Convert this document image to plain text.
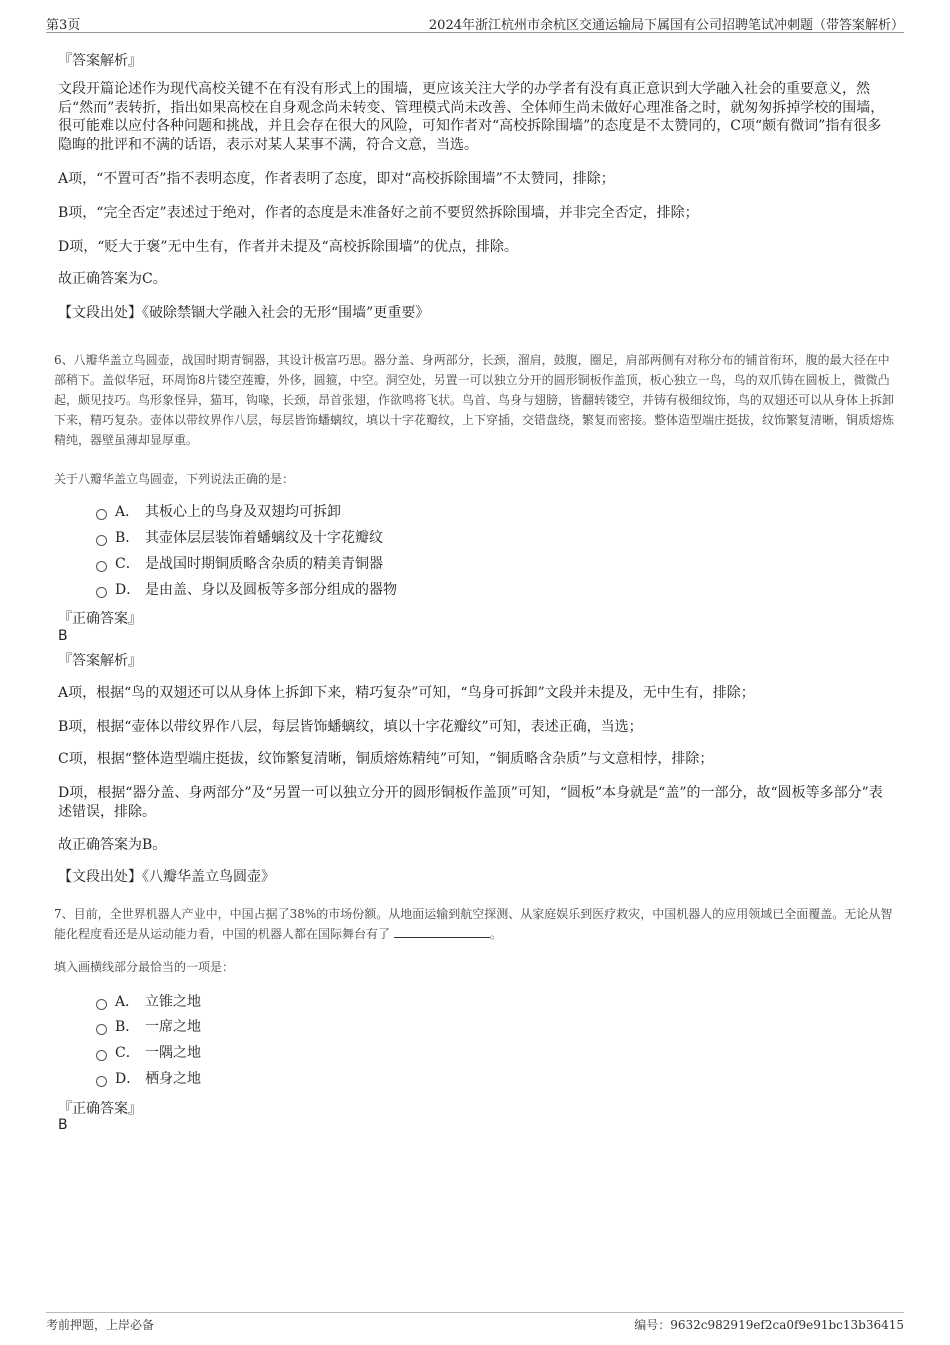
第3页	2024年浙江杭州市余杭区交通运输局下属国有公司招聘笔试冲刺题（带答案解析）
『答案解析』
文段开篇论述作为现代高校关键不在有没有形式上的围墙，更应该关注大学的办学者有没有真正意识到大学融入社会的重要意义，然后“然而”表转折，指出如果高校在自身观念尚未转变、管理模式尚未改善、全体师生尚未做好心理准备之时，就匆匆拆掉学校的围墙，很可能难以应付各种问题和挑战，并且会存在很大的风险，可知作者对“高校拆除围墙”的态度是不太赞同的，C项“颇有微词”指有很多隐晦的批评和不满的话语，表示对某人某事不满，符合文意，当选。
A项，“不置可否”指不表明态度，作者表明了态度，即对“高校拆除围墙”不太赞同，排除；
B项，“完全否定”表述过于绝对，作者的态度是未准备好之前不要贸然拆除围墙，并非完全否定，排除；
D项，“贬大于褒”无中生有，作者并未提及“高校拆除围墙”的优点，排除。
故正确答案为C。
【文段出处】《破除禁锢大学融入社会的无形“围墙”更重要》
6、八瓣华盖立鸟圆壶，战国时期青铜器，其设计极富巧思。器分盖、身两部分，长颈，溜肩，鼓腹，圈足，肩部两侧有对称分布的铺首衔环，腹的最大径在中部稍下。盖似华冠，环周饰8片镂空莲瓣，外侈，圆箍，中空。洞空处，另置一可以独立分开的圆形铜板作盖顶，板心独立一鸟，鸟的双爪铸在圆板上，微微凸起，颇见技巧。鸟形象怪异，猫耳，钩喙，长颈，昂首张翅，作欲鸣将飞状。鸟首、鸟身与翅膀，皆翻转镂空，并铸有极细纹饰，鸟的双翅还可以从身体上拆卸下来，精巧复杂。壶体以带纹界作八层，每层皆饰蟠螭纹，填以十字花瓣纹，上下穿插，交错盘绕，繁复而密接。整体造型端庄挺拔，纹饰繁复清晰，铜质熔炼精纯，器壁虽薄却显厚重。
关于八瓣华盖立鸟圆壶，下列说法正确的是：
A． 其板心上的鸟身及双翅均可拆卸
B． 其壶体层层装饰着蟠螭纹及十字花瓣纹
C． 是战国时期铜质略含杂质的精美青铜器
D． 是由盖、身以及圆板等多部分组成的器物
『正确答案』
B
『答案解析』
A项，根据“鸟的双翅还可以从身体上拆卸下来，精巧复杂”可知，“鸟身可拆卸”文段并未提及，无中生有，排除；
B项，根据“壶体以带纹界作八层，每层皆饰蟠螭纹，填以十字花瓣纹”可知，表述正确，当选；
C项，根据“整体造型端庄挺拔，纹饰繁复清晰，铜质熔炼精纯”可知，“铜质略含杂质”与文意相悖，排除；
D项，根据“器分盖、身两部分”及“另置一可以独立分开的圆形铜板作盖顶”可知，“圆板”本身就是“盖”的一部分，故“圆板等多部分”表述错误，排除。
故正确答案为B。
【文段出处】《八瓣华盖立鸟圆壶》
7、目前，全世界机器人产业中，中国占据了38%的市场份额。从地面运输到航空探测、从家庭娱乐到医疗救灾，中国机器人的应用领域已全面覆盖。无论从智能化程度看还是从运动能力看，中国的机器人都在国际舞台有了	。
填入画横线部分最恰当的一项是：
A． 立锥之地
B． 一席之地
C． 一隅之地
D． 栖身之地
『正确答案』
B
考前押题，上岸必备	编号：9632c982919ef2ca0f9e91bc13b36415
